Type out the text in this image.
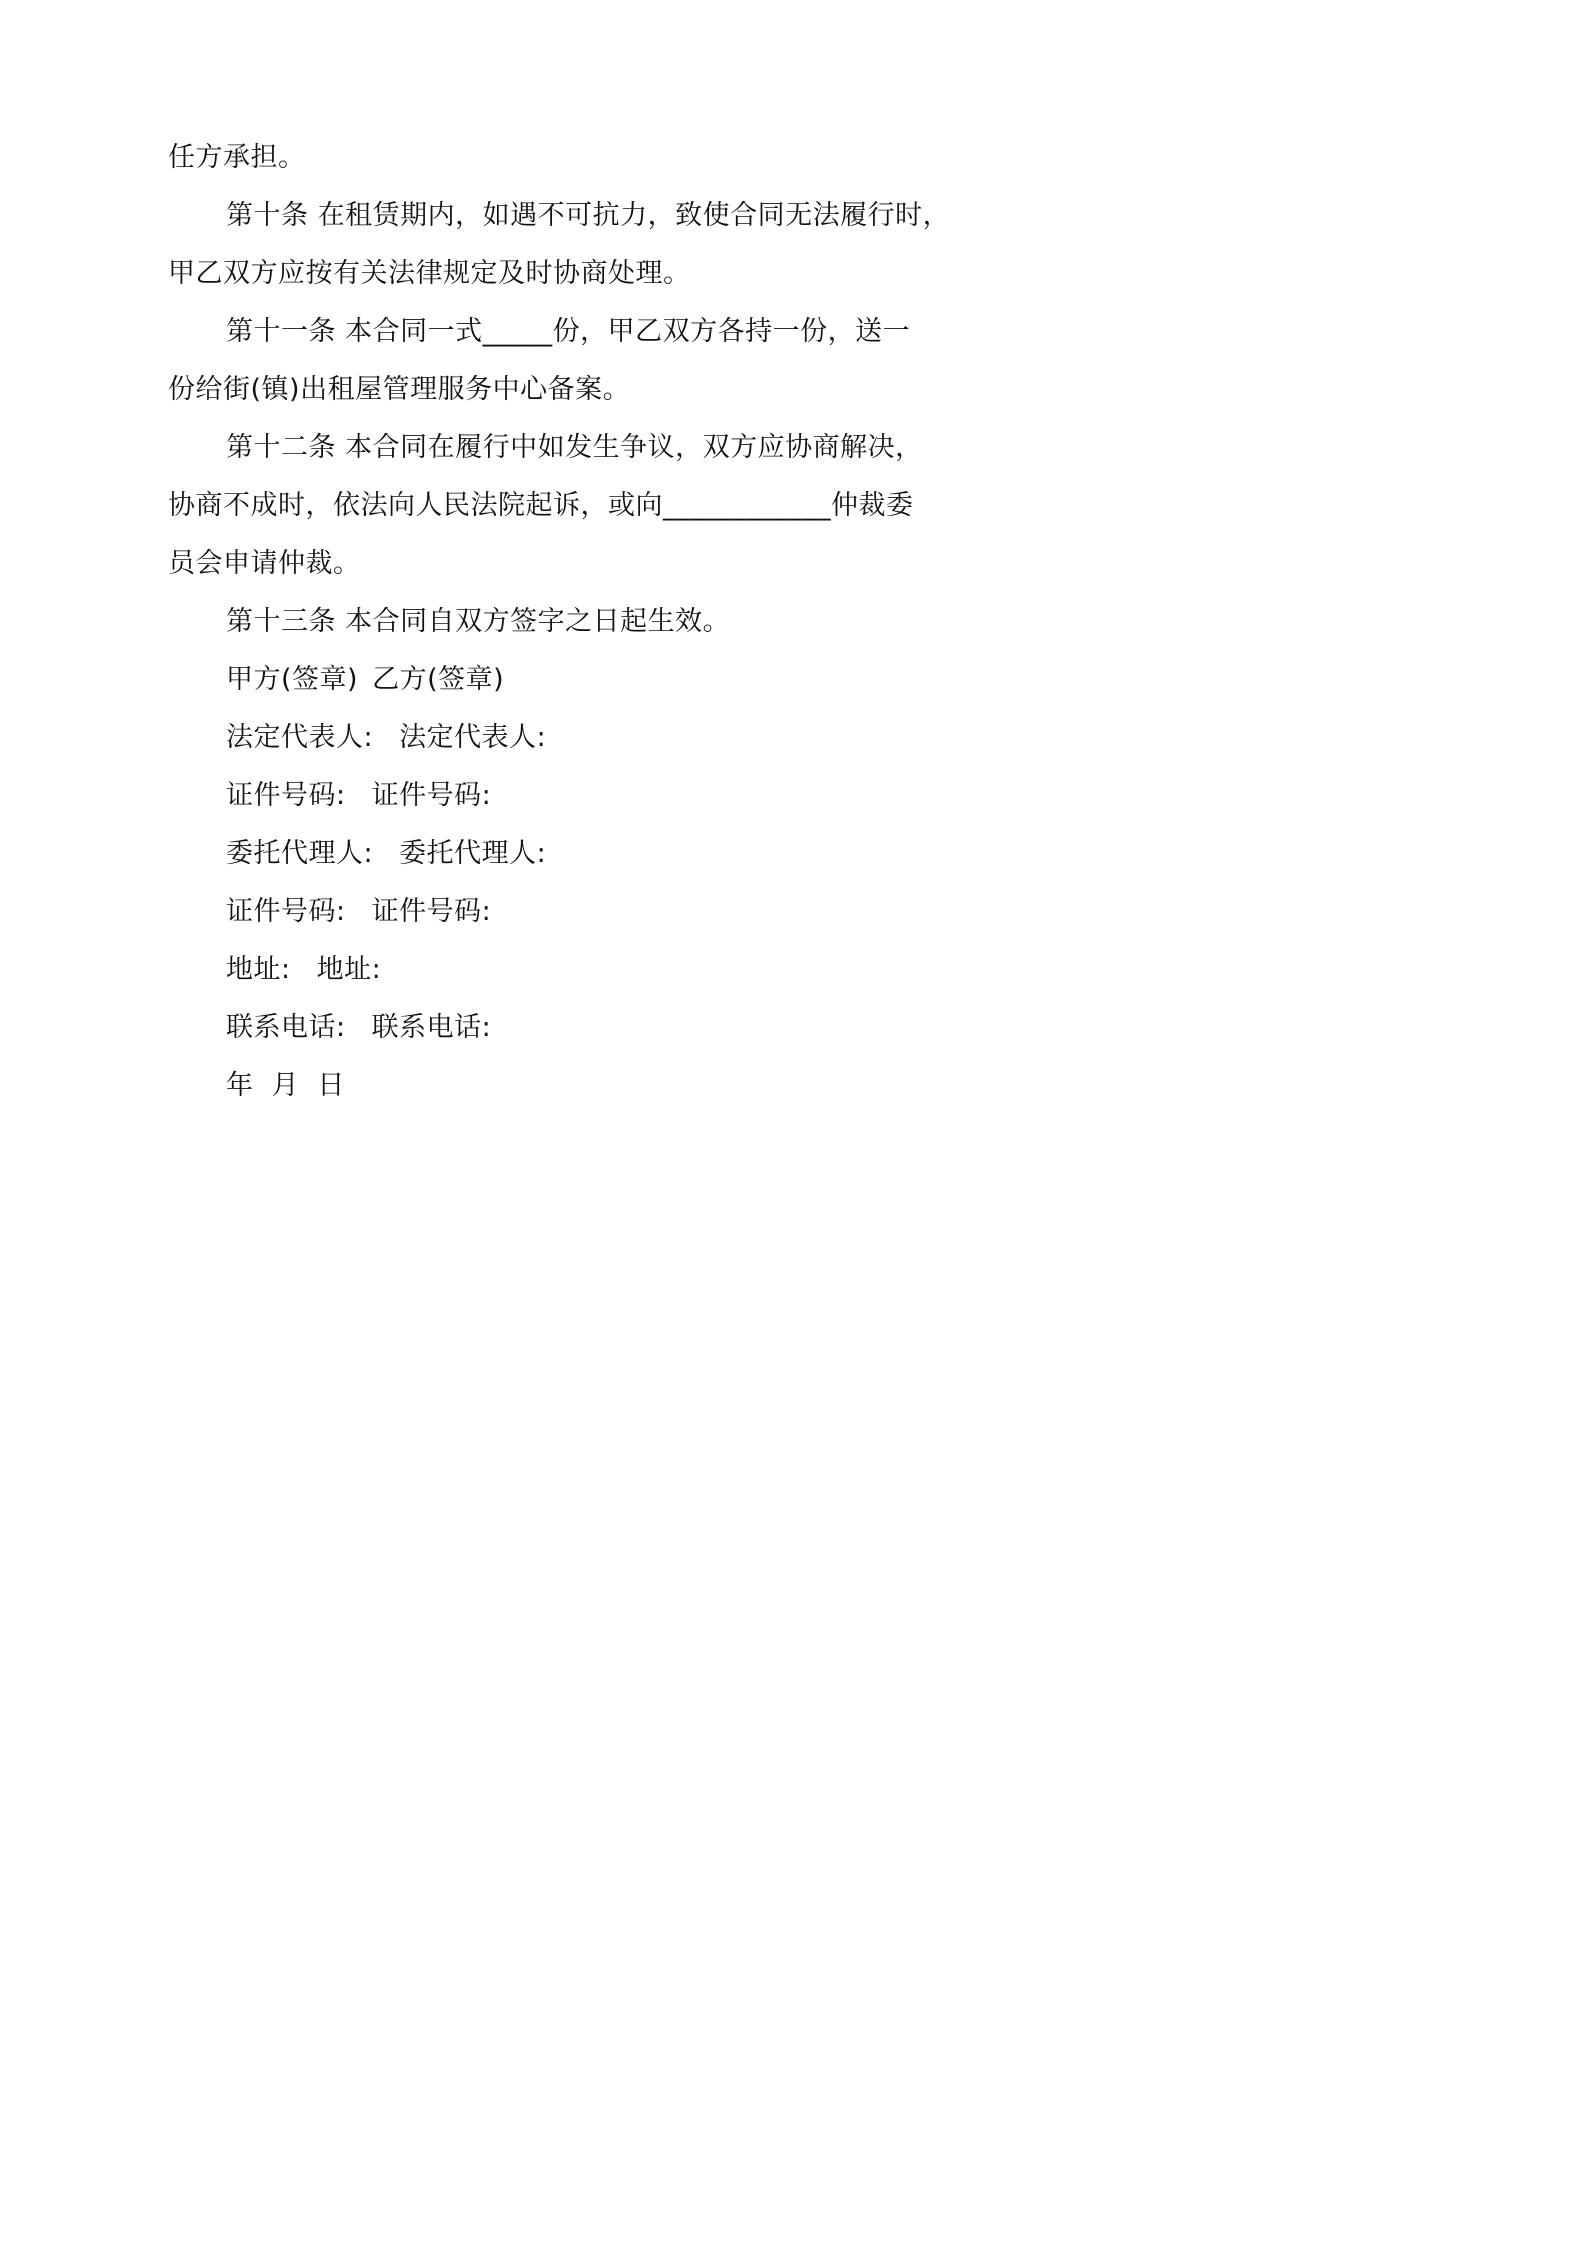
任方承担。
第十条 在租赁期内，如遇不可抗力，致使合同无法履行时，
甲乙双方应按有关法律规定及时协商处理。
第十一条 本合同一式_____份，甲乙双方各持一份，送一
份给街(镇)出租屋管理服务中心备案。
第十二条 本合同在履行中如发生争议，双方应协商解决，
协商不成时，依法向人民法院起诉，或向____________仲裁委
员会申请仲裁。
第十三条 本合同自双方签字之日起生效。
甲方(签章) 乙方(签章)
法定代表人: 法定代表人:
证件号码: 证件号码:
委托代理人: 委托代理人:
证件号码: 证件号码:
地址: 地址:
联系电话: 联系电话:
年  月  日
